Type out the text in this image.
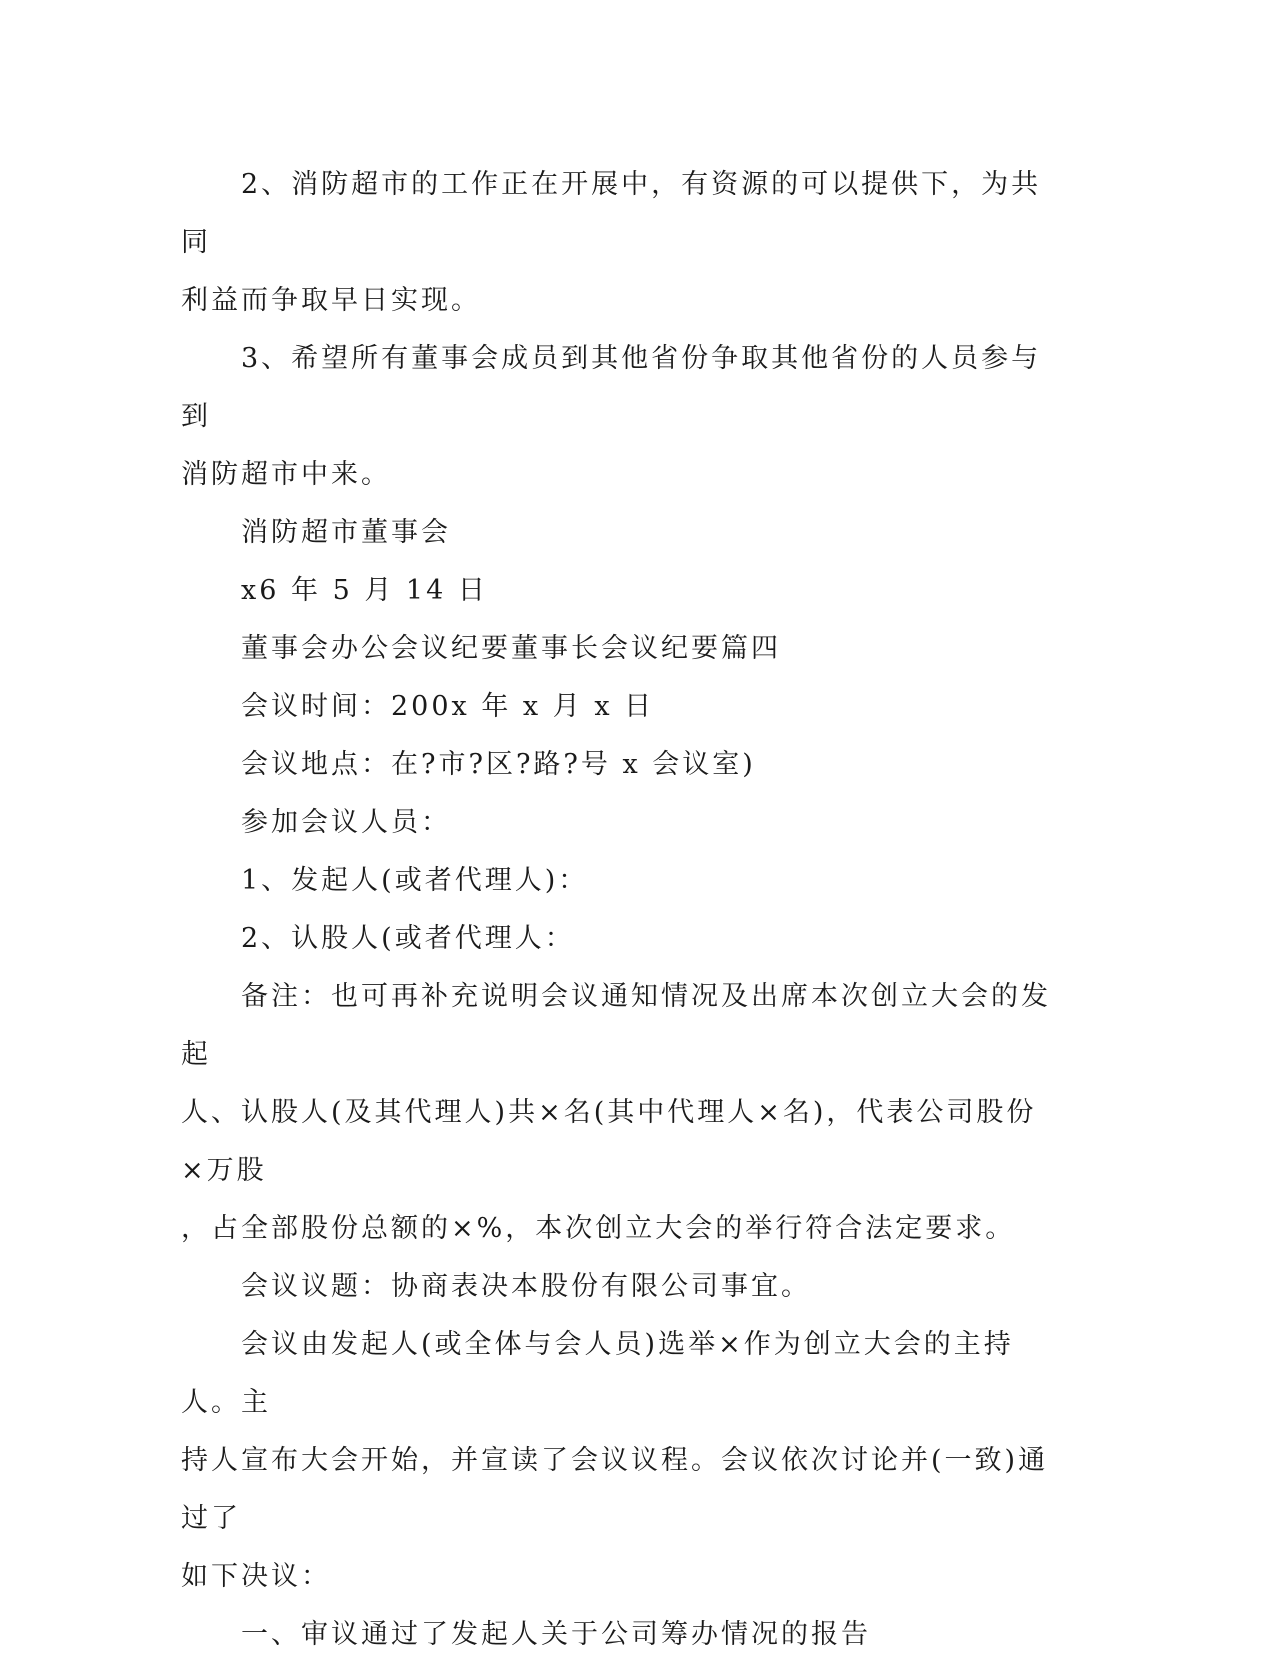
　　2、消防超市的工作正在开展中，有资源的可以提供下，为共同
利益而争取早日实现。

　　3、希望所有董事会成员到其他省份争取其他省份的人员参与到
消防超市中来。

　　消防超市董事会

　　x6 年 5 月 14 日

　　董事会办公会议纪要董事长会议纪要篇四

　　会议时间：200x 年 x 月 x 日

　　会议地点：在?市?区?路?号 x 会议室)

　　参加会议人员：

　　1、发起人(或者代理人)：

　　2、认股人(或者代理人：

　　备注：也可再补充说明会议通知情况及出席本次创立大会的发起
人、认股人(及其代理人)共×名(其中代理人×名)，代表公司股份×万股
，占全部股份总额的×%，本次创立大会的举行符合法定要求。

　　会议议题：协商表决本股份有限公司事宜。

　　会议由发起人(或全体与会人员)选举×作为创立大会的主持人。主
持人宣布大会开始，并宣读了会议议程。会议依次讨论并(一致)通过了
如下决议：

　　一、审议通过了发起人关于公司筹办情况的报告
